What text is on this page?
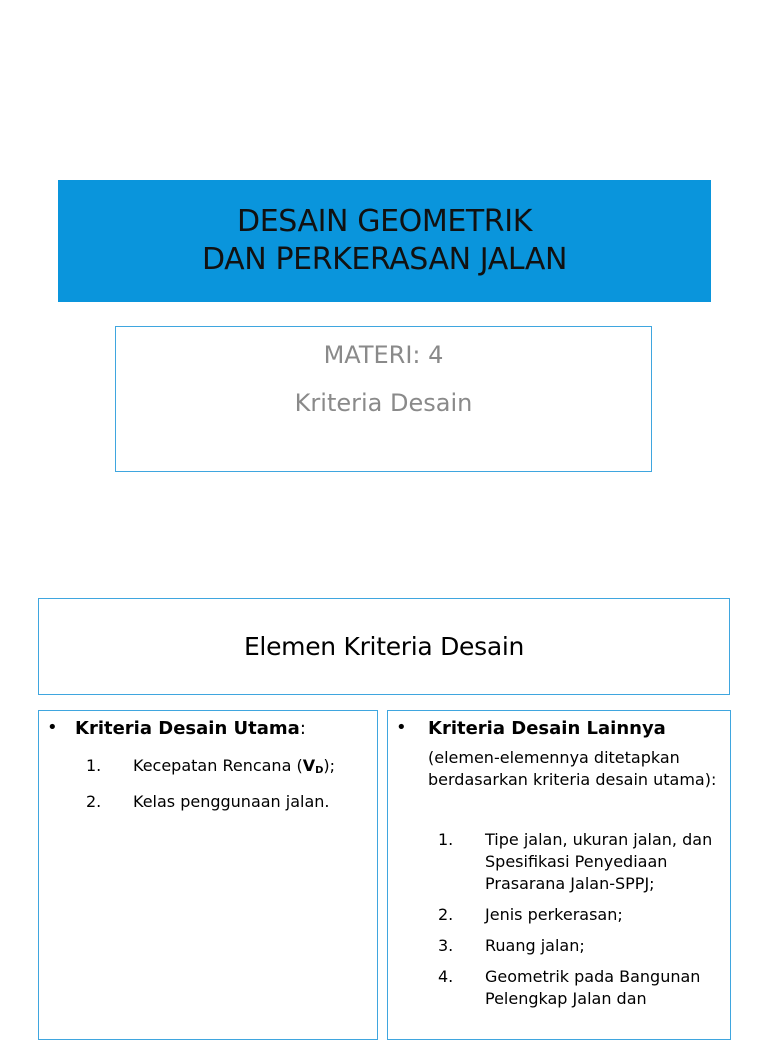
DESAIN GEOMETRIK
DAN PERKERASAN JALAN
MATERI: 4
Kriteria Desain
Elemen Kriteria Desain
• Kriteria Desain Utama:
1. Kecepatan Rencana $(V_D)$;
2. Kelas penggunaan jalan.
• Kriteria Desain Lainnya
(elemen-elemennya ditetapkan berdasarkan kriteria desain utama):
1. Tipe jalan, ukuran jalan, dan Spesifikasi Penyediaan Prasarana Jalan-SPPJ;
2. Jenis perkerasan;
3. Ruang jalan;
4. Geometrik pada Bangunan Pelengkap Jalan dan
